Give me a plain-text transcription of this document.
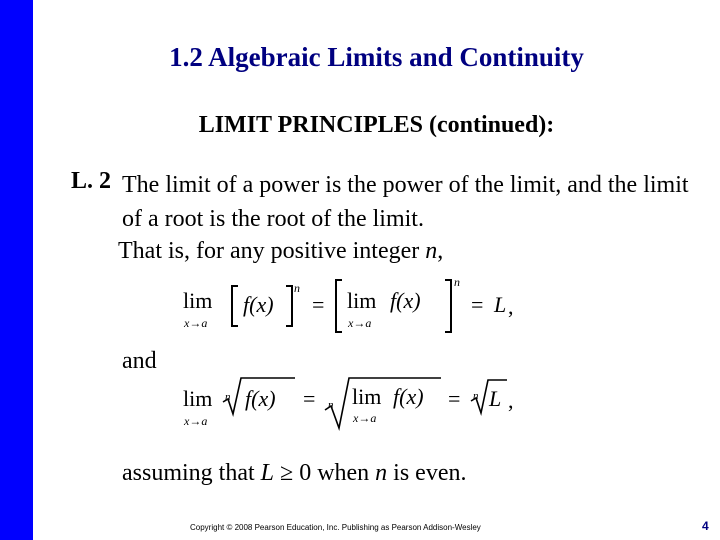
1.2 Algebraic Limits and Continuity
LIMIT PRINCIPLES (continued):
L. 2 The limit of a power is the power of the limit, and the limit of a root is the root of the limit.
That is, for any positive integer n,
lim
x→a
f(x)
n
= lim
x→a
f(x)
n
= L ,
and
lim
x→a
n f(x) = n lim
x→a
f(x) = n L ,
assuming that L ≥ 0 when n is even.
Copyright © 2008 Pearson Education, Inc. Publishing as Pearson Addison-Wesley	4
